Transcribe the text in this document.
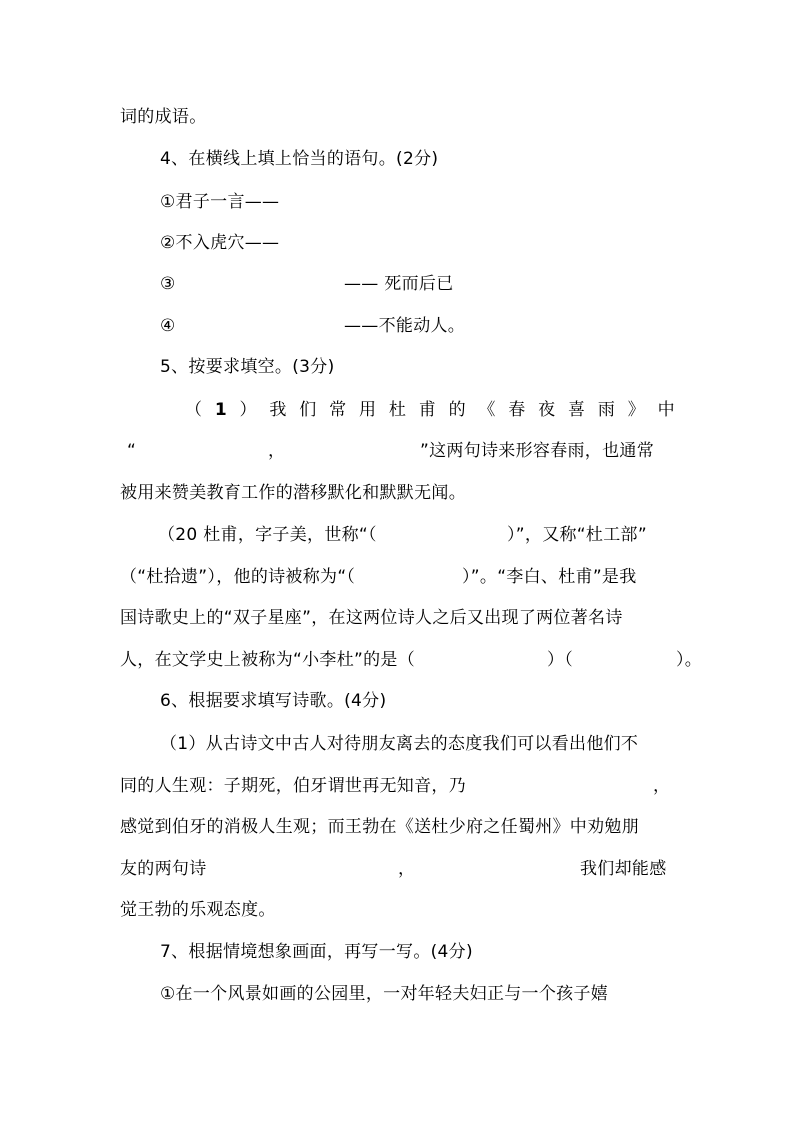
词的成语。
4、在横线上填上恰当的语句。(2分)
①君子一言——
②不入虎穴——
③	—— 死而后已
④	——不能动人。
5、按要求填空。(3分)
（ 1 ） 我 们 常 用 杜 甫 的 《 春 夜 喜 雨 》 中
“	，	”这两句诗来形容春雨，也通常
被用来赞美教育工作的潜移默化和默默无闻。
（20 杜甫，字子美，世称“（	）”，又称“杜工部”
（“杜拾遗”），他的诗被称为“（	）”。“李白、杜甫”是我
国诗歌史上的“双子星座”，在这两位诗人之后又出现了两位著名诗
人，在文学史上被称为“小李杜”的是（	）（	）。
6、根据要求填写诗歌。(4分)
（1）从古诗文中古人对待朋友离去的态度我们可以看出他们不
同的人生观：子期死，伯牙谓世再无知音，乃	，
感觉到伯牙的消极人生观；而王勃在《送杜少府之任蜀州》中劝勉朋
友的两句诗	，	我们却能感
觉王勃的乐观态度。
7、根据情境想象画面，再写一写。(4分)
①在一个风景如画的公园里，一对年轻夫妇正与一个孩子嬉
